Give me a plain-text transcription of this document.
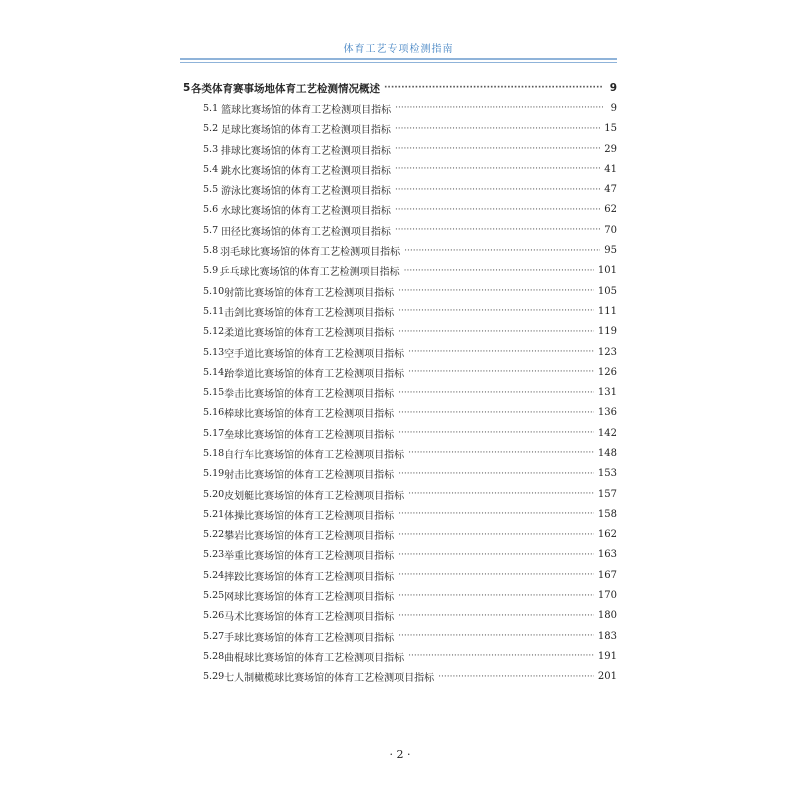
体育工艺专项检测指南
5 各类体育赛事场地体育工艺检测情况概述 ·····	9
5.1 篮球比赛场馆的体育工艺检测项目指标 ·····	9
5.2 足球比赛场馆的体育工艺检测项目指标 ·····	15
5.3 排球比赛场馆的体育工艺检测项目指标 ·····	29
5.4 跳水比赛场馆的体育工艺检测项目指标 ·····	41
5.5 游泳比赛场馆的体育工艺检测项目指标 ·····	47
5.6 水球比赛场馆的体育工艺检测项目指标 ·····	62
5.7 田径比赛场馆的体育工艺检测项目指标 ·····	70
5.8 羽毛球比赛场馆的体育工艺检测项目指标 ·····	95
5.9 乒乓球比赛场馆的体育工艺检测项目指标 ·····	101
5.10 射箭比赛场馆的体育工艺检测项目指标 ·····	105
5.11 击剑比赛场馆的体育工艺检测项目指标 ·····	111
5.12 柔道比赛场馆的体育工艺检测项目指标 ·····	119
5.13 空手道比赛场馆的体育工艺检测项目指标 ·····	123
5.14 跆拳道比赛场馆的体育工艺检测项目指标 ·····	126
5.15 拳击比赛场馆的体育工艺检测项目指标 ·····	131
5.16 棒球比赛场馆的体育工艺检测项目指标 ·····	136
5.17 垒球比赛场馆的体育工艺检测项目指标 ·····	142
5.18 自行车比赛场馆的体育工艺检测项目指标 ·····	148
5.19 射击比赛场馆的体育工艺检测项目指标 ·····	153
5.20 皮划艇比赛场馆的体育工艺检测项目指标 ·····	157
5.21 体操比赛场馆的体育工艺检测项目指标 ·····	158
5.22 攀岩比赛场馆的体育工艺检测项目指标 ·····	162
5.23 举重比赛场馆的体育工艺检测项目指标 ·····	163
5.24 摔跤比赛场馆的体育工艺检测项目指标 ·····	167
5.25 网球比赛场馆的体育工艺检测项目指标 ·····	170
5.26 马术比赛场馆的体育工艺检测项目指标 ·····	180
5.27 手球比赛场馆的体育工艺检测项目指标 ·····	183
5.28 曲棍球比赛场馆的体育工艺检测项目指标 ·····	191
5.29 七人制橄榄球比赛场馆的体育工艺检测项目指标 ·····	201
· 2 ·
